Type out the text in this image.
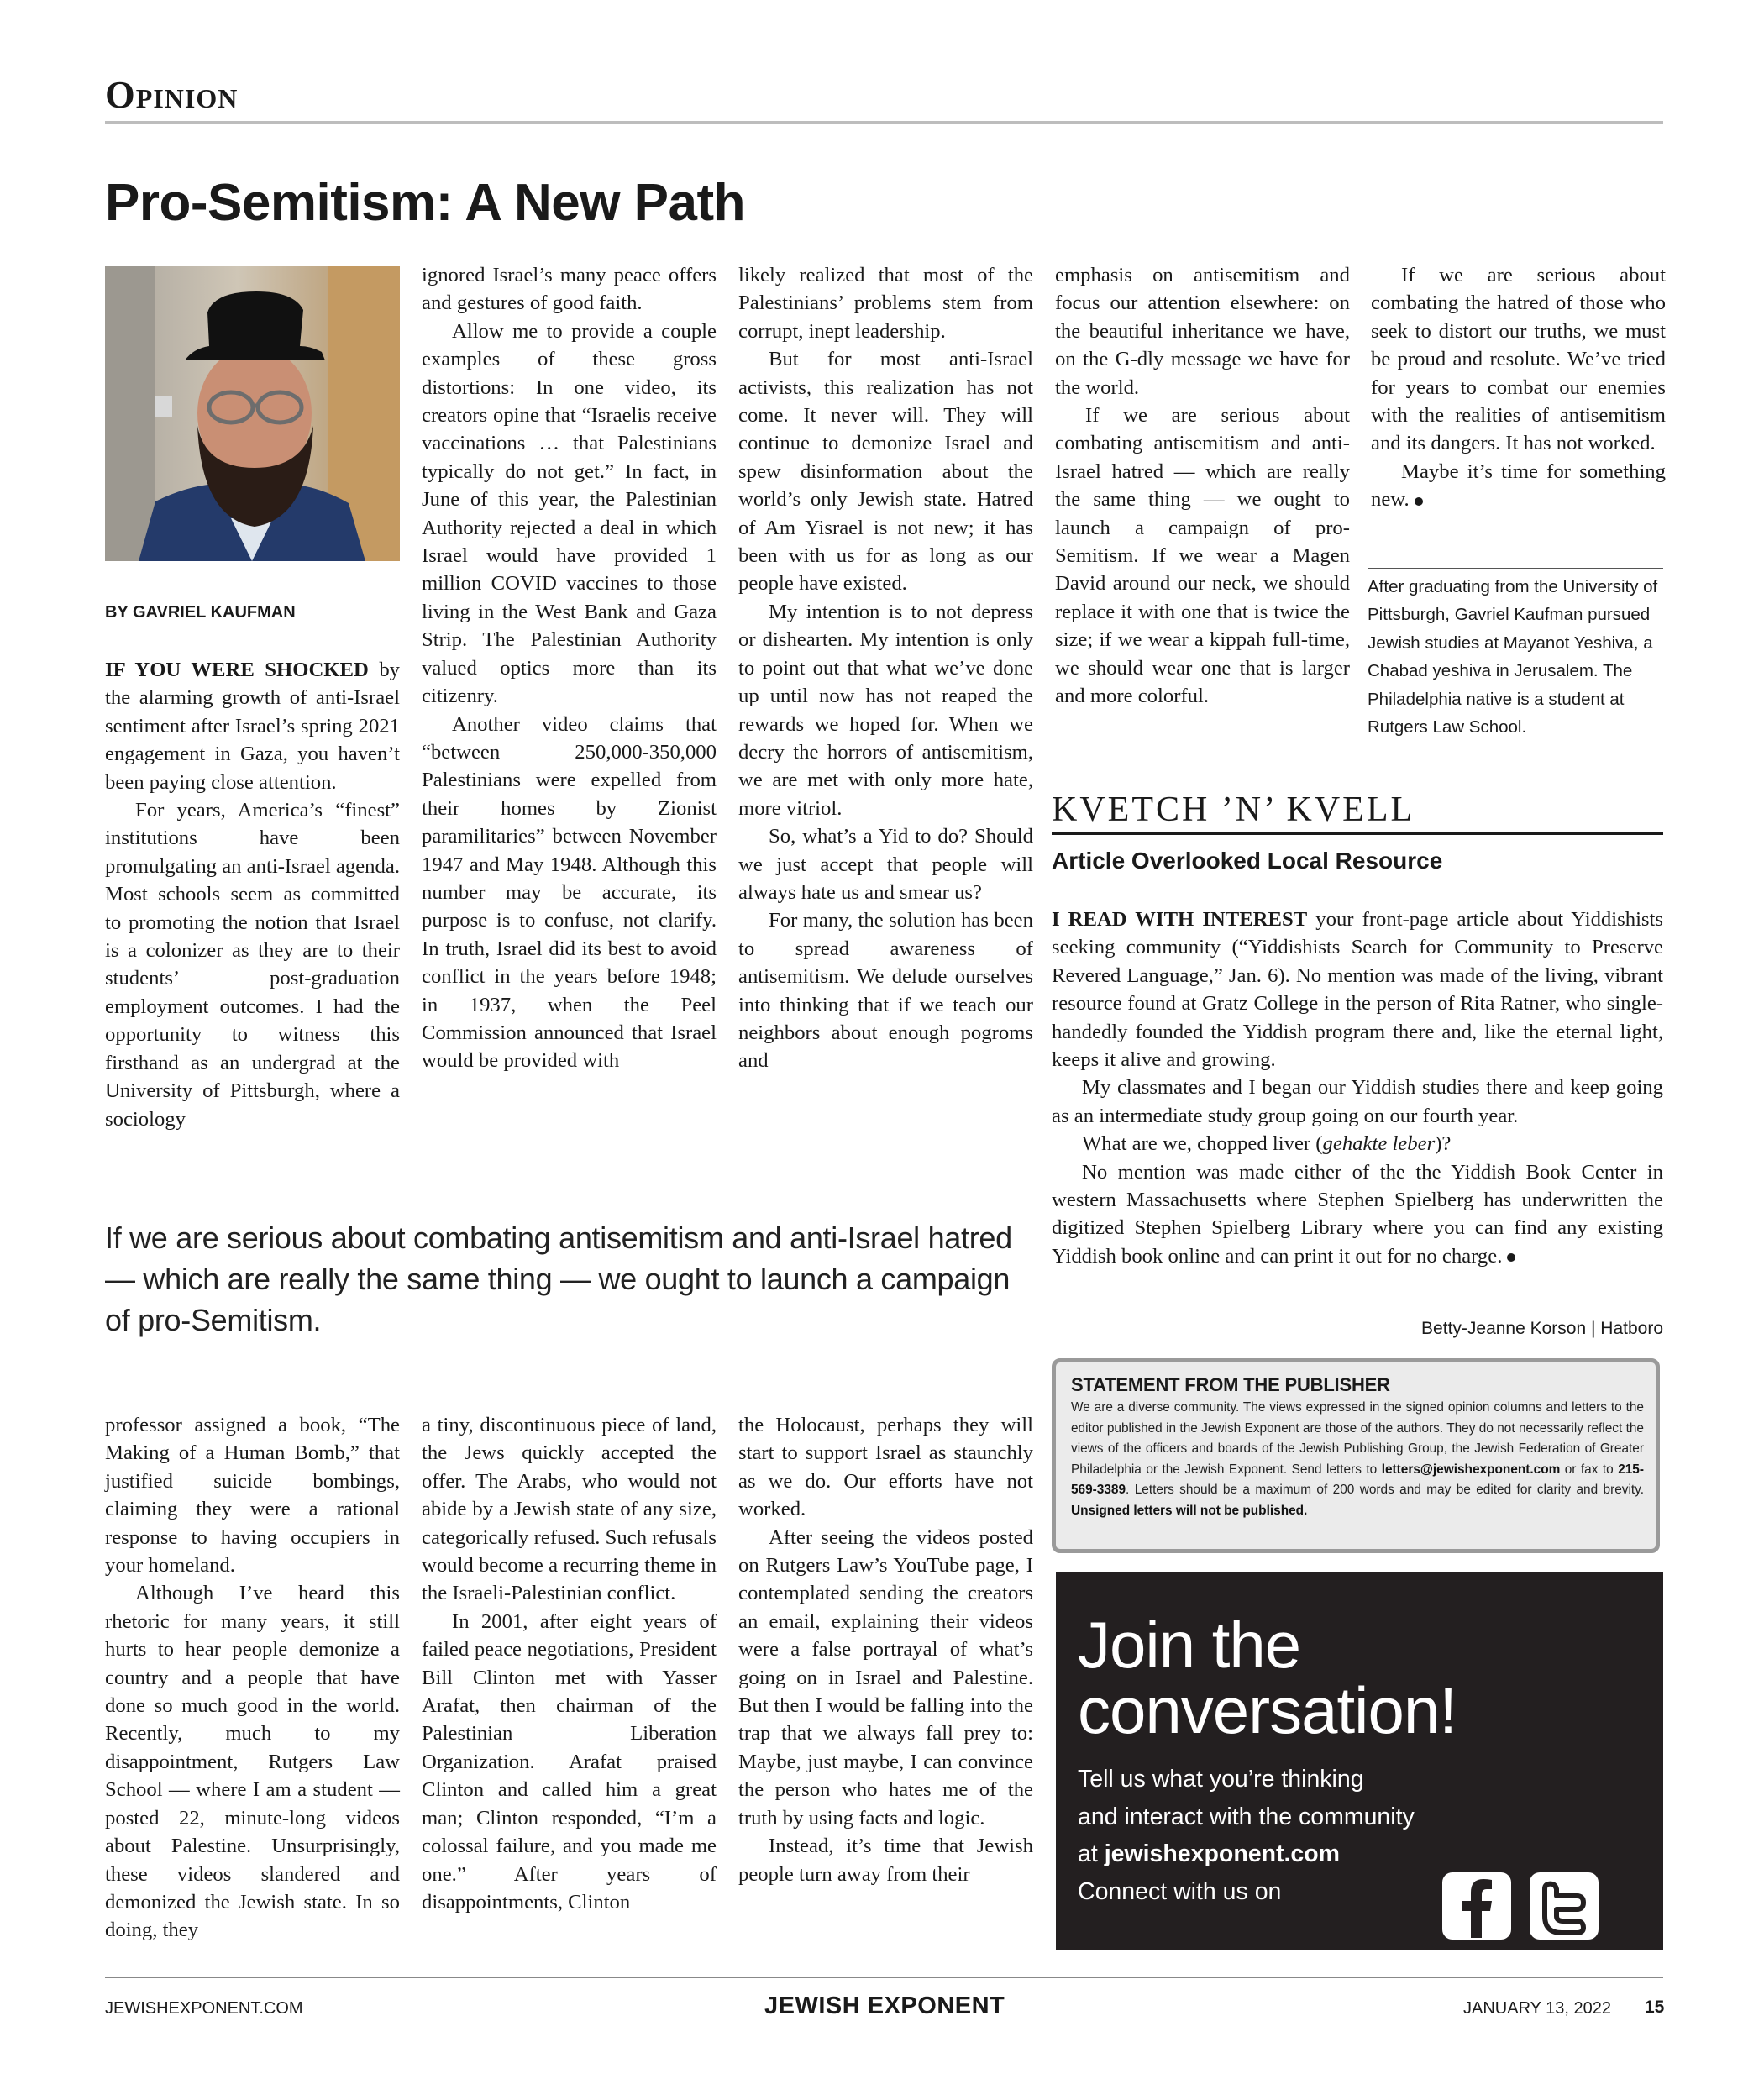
Opinion
Pro-Semitism: A New Path
BY GAVRIEL KAUFMAN

IF YOU WERE SHOCKED by the alarming growth of anti-Israel sentiment after Israel’s spring 2021 engagement in Gaza, you haven’t been paying close attention.

For years, America’s “finest” institutions have been promulgating an anti-Israel agenda. Most schools seem as committed to promoting the notion that Israel is a colonizer as they are to their students’ post-graduation employment outcomes. I had the opportunity to witness this firsthand as an undergrad at the University of Pittsburgh, where a sociology

ignored Israel’s many peace offers and gestures of good faith.

Allow me to provide a couple examples of these gross distortions: In one video, its creators opine that “Israelis receive vaccinations … that Palestinians typically do not get.” In fact, in June of this year, the Palestinian Authority rejected a deal in which Israel would have provided 1 million COVID vaccines to those living in the West Bank and Gaza Strip. The Palestinian Authority valued optics more than its citizenry.

Another video claims that “between 250,000-350,000 Palestinians were expelled from their homes by Zionist paramilitaries” between November 1947 and May 1948. Although this number may be accurate, its purpose is to confuse, not clarify. In truth, Israel did its best to avoid conflict in the years before 1948; in 1937, when the Peel Commission announced that Israel would be provided with

likely realized that most of the Palestinians’ problems stem from corrupt, inept leadership.

But for most anti-Israel activists, this realization has not come. It never will. They will continue to demonize Israel and spew disinformation about the world’s only Jewish state. Hatred of Am Yisrael is not new; it has been with us for as long as our people have existed.

My intention is to not depress or dishearten. My intention is only to point out that what we’ve done up until now has not reaped the rewards we hoped for. When we decry the horrors of antisemitism, we are met with only more hate, more vitriol.

So, what’s a Yid to do? Should we just accept that people will always hate us and smear us?

For many, the solution has been to spread awareness of antisemitism. We delude ourselves into thinking that if we teach our neighbors about enough pogroms and

emphasis on antisemitism and focus our attention elsewhere: on the beautiful inheritance we have, on the G-dly message we have for the world.

If we are serious about combating antisemitism and anti-Israel hatred — which are really the same thing — we ought to launch a campaign of pro-Semitism. If we wear a Magen David around our neck, we should replace it with one that is twice the size; if we wear a kippah full-time, we should wear one that is larger and more colorful.

If we are serious about combating the hatred of those who seek to distort our truths, we must be proud and resolute. We’ve tried for years to combat our enemies with the realities of antisemitism and its dangers. It has not worked.

Maybe it’s time for something new.

After graduating from the University of Pittsburgh, Gavriel Kaufman pursued Jewish studies at Mayanot Yeshiva, a Chabad yeshiva in Jerusalem. The Philadelphia native is a student at Rutgers Law School.
If we are serious about combating antisemitism and anti-Israel hatred — which are really the same thing — we ought to launch a campaign of pro-Semitism.

professor assigned a book, “The Making of a Human Bomb,” that justified suicide bombings, claiming they were a rational response to having occupiers in your homeland.

Although I’ve heard this rhetoric for many years, it still hurts to hear people demonize a country and a people that have done so much good in the world. Recently, much to my disappointment, Rutgers Law School — where I am a student — posted 22, minute-long videos about Palestine. Unsurprisingly, these videos slandered and demonized the Jewish state. In so doing, they

a tiny, discontinuous piece of land, the Jews quickly accepted the offer. The Arabs, who would not abide by a Jewish state of any size, categorically refused. Such refusals would become a recurring theme in the Israeli-Palestinian conflict.

In 2001, after eight years of failed peace negotiations, President Bill Clinton met with Yasser Arafat, then chairman of the Palestinian Liberation Organization. Arafat praised Clinton and called him a great man; Clinton responded, “I’m a colossal failure, and you made me one.” After years of disappointments, Clinton

the Holocaust, perhaps they will start to support Israel as staunchly as we do. Our efforts have not worked.

After seeing the videos posted on Rutgers Law’s YouTube page, I contemplated sending the creators an email, explaining their videos were a false portrayal of what’s going on in Israel and Palestine. But then I would be falling into the trap that we always fall prey to: Maybe, just maybe, I can convince the person who hates me of the truth by using facts and logic.

Instead, it’s time that Jewish people turn away from their

KVETCH ’N’ KVELL
Article Overlooked Local Resource

I READ WITH INTEREST your front-page article about Yiddishists seeking community (“Yiddishists Search for Community to Preserve Revered Language,” Jan. 6). No mention was made of the living, vibrant resource found at Gratz College in the person of Rita Ratner, who single-handedly founded the Yiddish program there and, like the eternal light, keeps it alive and growing.

My classmates and I began our Yiddish studies there and keep going as an intermediate study group going on our fourth year.

What are we, chopped liver (gehakte leber)?

No mention was made either of the the Yiddish Book Center in western Massachusetts where Stephen Spielberg has underwritten the digitized Stephen Spielberg Library where you can find any existing Yiddish book online and can print it out for no charge.

Betty-Jeanne Korson | Hatboro
STATEMENT FROM THE PUBLISHER
We are a diverse community. The views expressed in the signed opinion columns and letters to the editor published in the Jewish Exponent are those of the authors. They do not necessarily reflect the views of the officers and boards of the Jewish Publishing Group, the Jewish Federation of Greater Philadelphia or the Jewish Exponent. Send letters to letters@jewishexponent.com or fax to 215-569-3389. Letters should be a maximum of 200 words and may be edited for clarity and brevity. Unsigned letters will not be published.
Join the
conversation!
Tell us what you’re thinking
and interact with the community
at jewishexponent.com
Connect with us on
JEWISHEXPONENT.COM	JEWISH EXPONENT	JANUARY 13, 2022 15
